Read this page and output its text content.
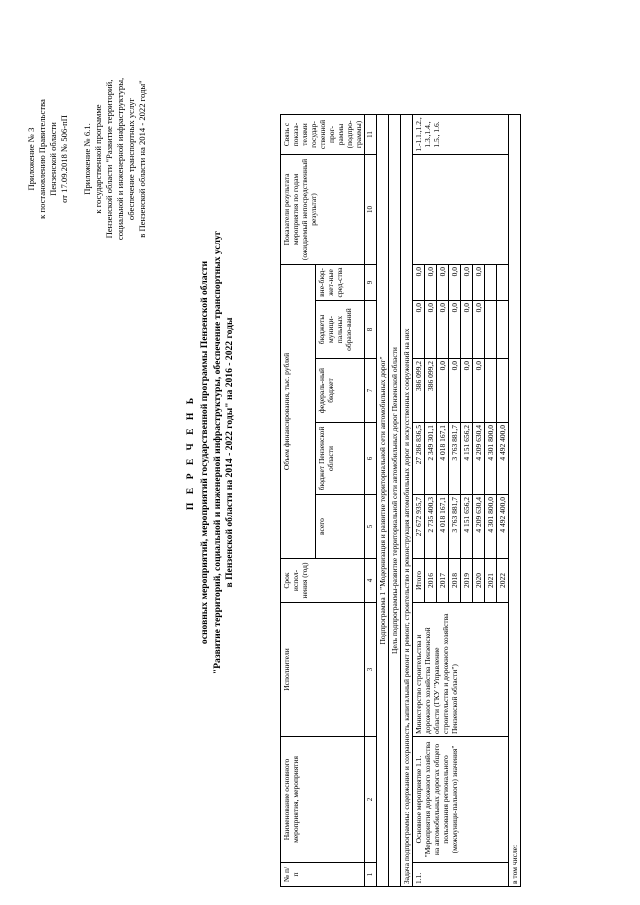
Приложение № 3 к постановлению Правительства Пензенской области от 17.09.2018 № 506-пП Приложение № 6.1. к государственной программе Пензенской области "Развитие территорий, социальной и инженерной инфраструктуры, обеспечение транспортных услуг в Пензенской области на 2014 - 2022 годы"
П Е Р Е Ч Е Н Ь основных мероприятий, мероприятий государственной программы Пензенской области "Развитие территорий, социальной и инженерной инфраструктуры, обеспечение транспортных услуг в Пензенской области на 2014 - 2022 годы" на 2016 - 2022 годы
№ п/п	Наименование основного мероприятия, мероприятия	Исполнители	Срок испол-нения (год)	Объем финансирования, тыс. рублей					Показатели результата мероприятия по годам (ожидаемый непосредственный результат)	Связь с показа-телями государ-ственной прог-раммы (подпро-граммы)	
				всего	бюджет Пензенской области	федераль-ный бюджет	бюджеты муници-пальных образо-ваний	вне-бюд-жет-ные сред-ства			
1	2	3	4	5	6	7	8	9	10	11	
Подпрограмма 1 "Модернизация и развитие территориальной сети автомобильных дорог"											
Цель подпрограммы-развитие территориальной сети автомобильных дорог Пензенской области											
Задача подпрограммы: содержание и сохранность, капитальный ремонт и ремонт, строительство и реконструкция автомобильных дорог и искусственных сооружений на них											
1.1.	Основное мероприятие 1.1. "Мероприятия дорожного хозяйства на автомобильных дорогах общего пользования регионального (межмуници-пального) значения"	Министерство строительства и дорожного хозяйства Пензенской области (ГКУ "Управление строительства и дорожного хозяйства Пензенской области")	Итого	27 672 935,7	27 286 836,5	386 099,2	0,0	0,0		1.-1.1.,1.2., 1.3.,1.4., 1.5., 1.6.	
			2016	2 735 400,3	2 349 301,1	386 099,2	0,0	0,0			
			2017	4 018 167,1	4 018 167,1	0,0	0,0	0,0			
			2018	3 763 881,7	3 763 881,7	0,0	0,0	0,0			
			2019	4 151 656,2	4 151 656,2	0,0	0,0	0,0			
			2020	4 209 630,4	4 209 630,4	0,0	0,0	0,0			
			2021	4 301 800,0	4 301 800,0						
			2022	4 492 400,0	4 492 400,0						
в том числе:											
